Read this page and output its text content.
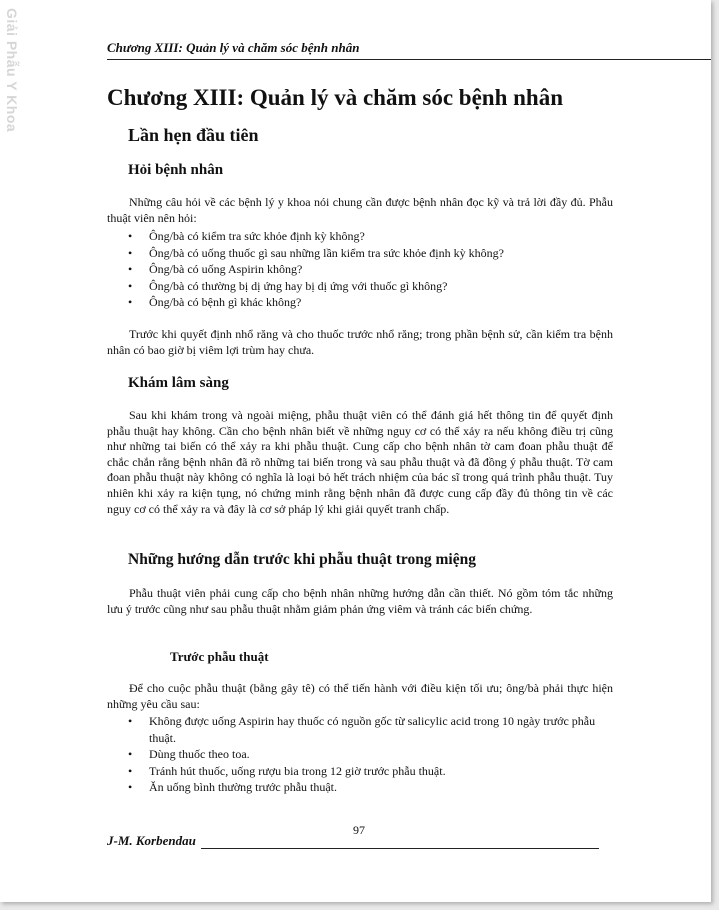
Giải Phẫu Y Khoa	Chương XIII: Quản lý và chăm sóc bệnh nhân
Chương XIII: Quản lý và chăm sóc bệnh nhân
Lần hẹn đầu tiên
Hỏi bệnh nhân

Những câu hỏi về các bệnh lý y khoa nói chung cần được bệnh nhân đọc kỹ và trả lời đầy đủ. Phẫu thuật viên nên hỏi:

• Ông/bà có kiểm tra sức khỏe định kỳ không?
• Ông/bà có uống thuốc gì sau những lần kiểm tra sức khỏe định kỳ không?
• Ông/bà có uống Aspirin không?
• Ông/bà có thường bị dị ứng hay bị dị ứng với thuốc gì không?
• Ông/bà có bệnh gì khác không?

Trước khi quyết định nhổ răng và cho thuốc trước nhổ răng; trong phần bệnh sử, cần kiểm tra bệnh nhân có bao giờ bị viêm lợi trùm hay chưa.

Khám lâm sàng

Sau khi khám trong và ngoài miệng, phẫu thuật viên có thể đánh giá hết thông tin để quyết định phẫu thuật hay không. Cần cho bệnh nhân biết về những nguy cơ có thể xảy ra nếu không điều trị cũng như những tai biến có thể xảy ra khi phẫu thuật. Cung cấp cho bệnh nhân tờ cam đoan phẫu thuật để chắc chắn rằng bệnh nhân đã rõ những tai biến trong và sau phẫu thuật và đã đồng ý phẫu thuật. Tờ cam đoan phẫu thuật này không có nghĩa là loại bỏ hết trách nhiệm của bác sĩ trong quá trình phẫu thuật. Tuy nhiên khi xảy ra kiện tụng, nó chứng minh rằng bệnh nhân đã được cung cấp đầy đủ thông tin về các nguy cơ có thể xảy ra và đây là cơ sở pháp lý khi giải quyết tranh chấp.

Những hướng dẫn trước khi phẫu thuật trong miệng

Phẫu thuật viên phải cung cấp cho bệnh nhân những hướng dẫn cần thiết. Nó gồm tóm tắc những lưu ý trước cũng như sau phẫu thuật nhằm giảm phản ứng viêm và tránh các biến chứng.

Trước phẫu thuật

Để cho cuộc phẫu thuật (bằng gây tê) có thể tiến hành với điều kiện tối ưu; ông/bà phải thực hiện những yêu cầu sau:

• Không được uống Aspirin hay thuốc có nguồn gốc từ salicylic acid trong 10 ngày trước phẫu thuật.
• Dùng thuốc theo toa.
• Tránh hút thuốc, uống rượu bia trong 12 giờ trước phẫu thuật.
• Ăn uống bình thường trước phẫu thuật.
97
J-M. Korbendau
